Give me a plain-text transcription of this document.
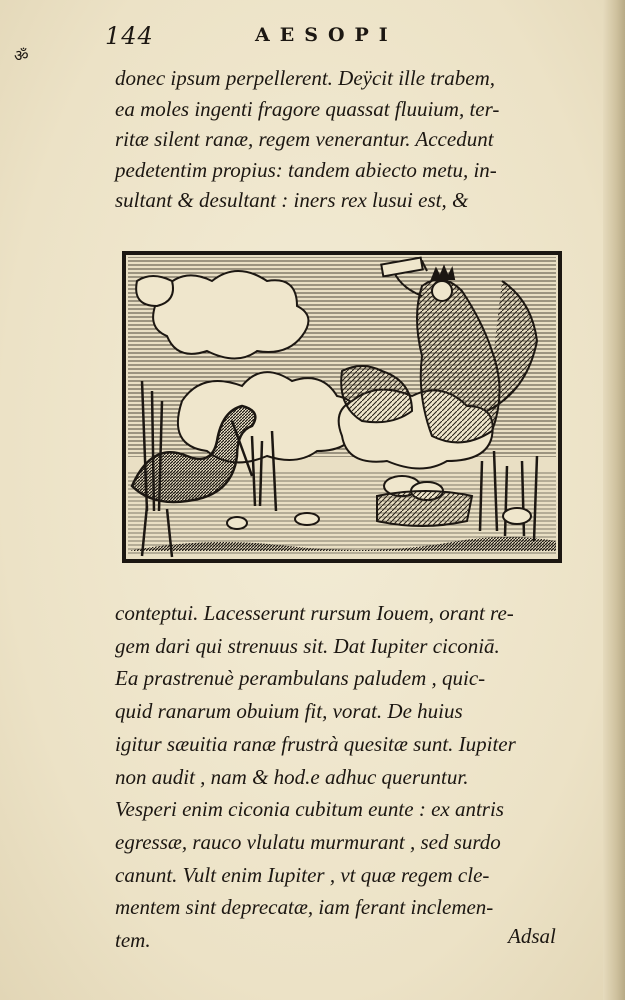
144	AESOPI
ॐ
donec ipsum perpellerent. Deÿcit ille trabem,
ea moles ingenti fragore quassat fluuium, ter-
ritæ silent ranæ, regem venerantur. Accedunt
pedetentim propius: tandem abiecto metu, in-
sultant & desultant : iners rex lusui est, &
conteptui. Lacesserunt rursum Iouem, orant re-
gem dari qui strenuus sit. Dat Iupiter ciconiā.
Ea prastrenuè perambulans paludem , quic-
quid ranarum obuium fit, vorat. De huius
igitur sæuitia ranæ frustrà quesitæ sunt. Iupiter
non audit , nam & hod.e adhuc queruntur.
Vesperi enim ciconia cubitum eunte : ex antris
egressæ, rauco vlulatu murmurant , sed surdo
canunt. Vult enim Iupiter , vt quæ regem cle-
mentem sint deprecatæ, iam ferant inclemen-
tem.	Adsal
